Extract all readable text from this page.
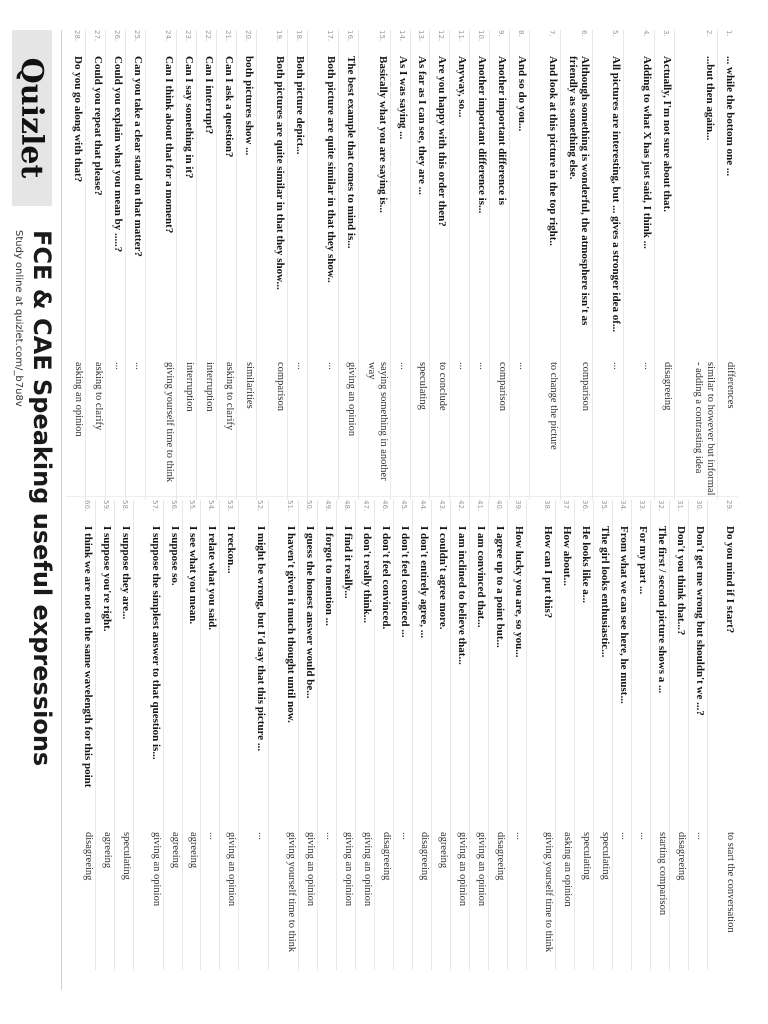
Quizlet
FCE & CAE Speaking useful expressions
Study online at quizlet.com/_b7u8v
1.
... while the bottom one ...
differences
2.
...but then again...
similar to however but informal - adding a contrasting idea
3.
Actually, I'm not sure about that.
disagreeing
4.
Adding to what X has just said, I think ...
...
5.
All pictures are interesting, but ... gives a stronger idea of...
...
6.
Although something is wonderful, the atmosphere isn't as friendly as something else.
comparison
7.
And look at this picture in the top right..
to change the picture
8.
And so do you...
...
9.
Another important difference is
comparison
10.
Another important difference is...
...
11.
Anyway, so...
...
12.
Are you happy with this order then?
to conclude
13.
As far as I can see, they are ...
speculating
14.
As I was saying ...
...
15.
Basically what you are saying is...
saying something in another way
16.
The best example that comes to mind is...
giving an opinion
17.
Both picture are quite similar in that they show..
...
18.
Both picture depict...
...
19.
Both pictures are quite similar in that they show...
comparison
20.
both pictures show ...
similarities
21.
Can I ask a question?
asking to clarify
22.
Can I interrupt?
interruption
23.
Can I say something in it?
interruption
24.
Can I think about that for a moment?
giving yourself time to think
25.
Can you take a clear stand on that matter?
...
26.
Could you explain what you mean by .....?
...
27.
Could you repeat that please?
asking to clarify
28.
Do you go along with that?
asking an opinion
29.
Do you mind if I start?
to start the conversation
30.
Don't get me wrong but shouldn't we ...?
...
31.
Don't you think that...?
disagreeing
32.
The first / second picture shows a ...
starting comparison
33.
For my part ...
...
34.
From what we can see here, he must...
...
35.
The girl looks enthusiastic...
speculating
36.
He looks like a...
speculating
37.
How about...
asking an opinion
38.
How can I put this?
giving yourself time to think
39.
How lucky you are, so you...
...
40.
I agree up to a point but...
disagreeing
41.
I am convinced that...
giving an opinion
42.
I am inclined to believe that...
giving an opinion
43.
I couldn't agree more.
agreeing
44.
I don't entirely agree, ...
disagreeing
45.
I don't feel convinced ...
...
46.
I don't feel convinced.
disagreeing
47.
I don't really think...
giving an opinion
48.
I find it really...
giving an opinion
49.
I forgot to mention ...
...
50.
I guess the honest answer would be...
giving an opinion
51.
I haven't given it much thought until now.
giving yourself time to think
52.
I might be wrong, but I'd say that this picture ...
...
53.
I reckon...
giving an opinion
54.
I relate what you said.
...
55.
I see what you mean.
agreeing
56.
I suppose so.
agreeing
57.
I suppose the simplest answer to that question is...
giving an opinion
58.
I suppose they are...
speculating
59.
I suppose you're right.
agreeing
60.
I think we are not on the same wavelength for this point
disagreeing
